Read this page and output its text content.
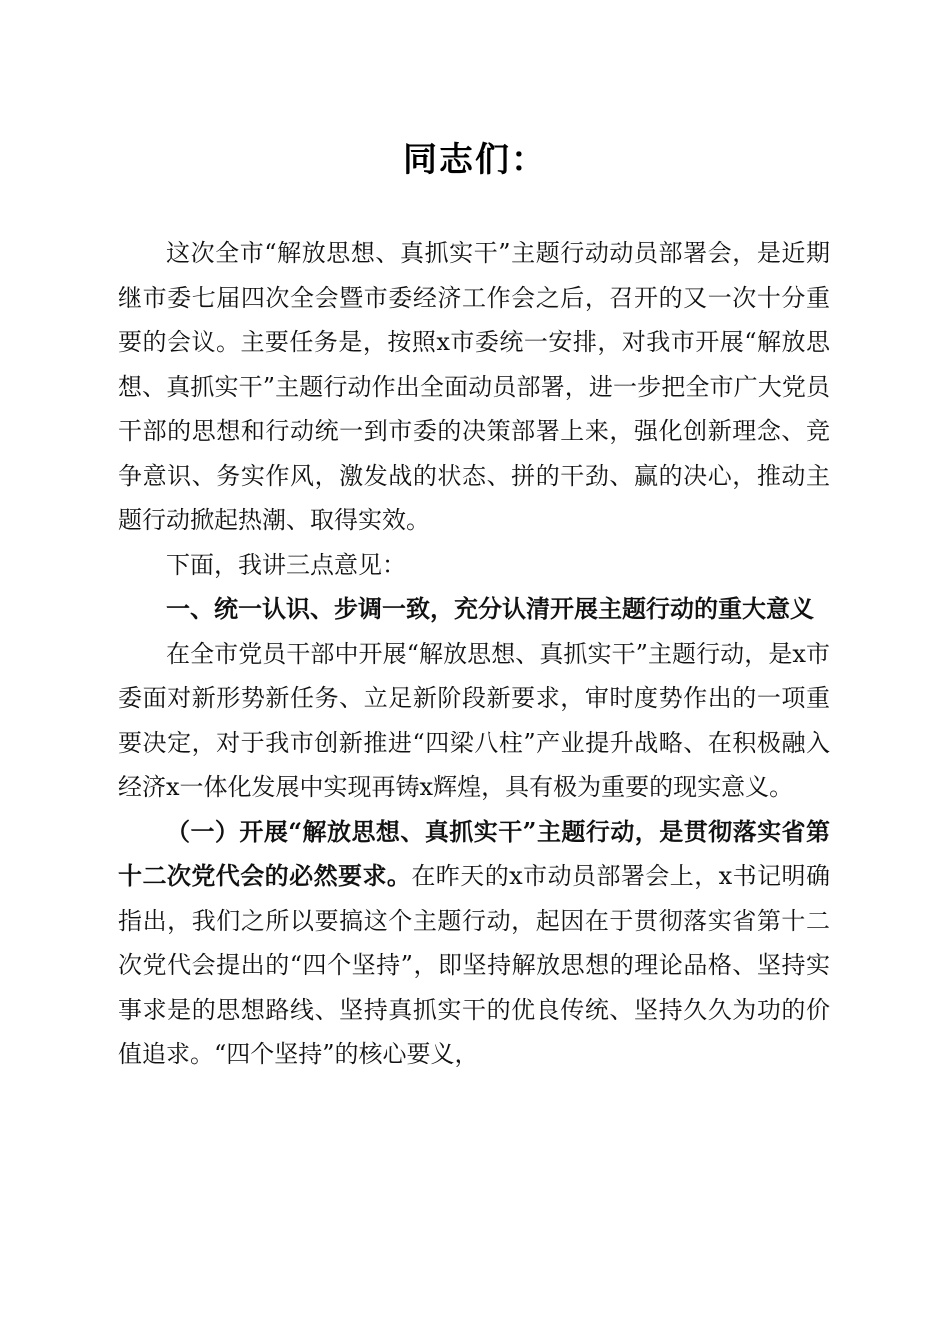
同志们：

这次全市“解放思想、真抓实干”主题行动动员部署会，是近期继市委七届四次全会暨市委经济工作会之后，召开的又一次十分重要的会议。主要任务是，按照x市委统一安排，对我市开展“解放思想、真抓实干”主题行动作出全面动员部署，进一步把全市广大党员干部的思想和行动统一到市委的决策部署上来，强化创新理念、竞争意识、务实作风，激发战的状态、拼的干劲、赢的决心，推动主题行动掀起热潮、取得实效。

下面，我讲三点意见：

一、统一认识、步调一致，充分认清开展主题行动的重大意义

在全市党员干部中开展“解放思想、真抓实干”主题行动，是x市委面对新形势新任务、立足新阶段新要求，审时度势作出的一项重要决定，对于我市创新推进“四梁八柱”产业提升战略、在积极融入经济x一体化发展中实现再铸x辉煌，具有极为重要的现实意义。

（一）开展“解放思想、真抓实干”主题行动，是贯彻落实省第十二次党代会的必然要求。在昨天的x市动员部署会上，x书记明确指出，我们之所以要搞这个主题行动，起因在于贯彻落实省第十二次党代会提出的“四个坚持”，即坚持解放思想的理论品格、坚持实事求是的思想路线、坚持真抓实干的优良传统、坚持久久为功的价值追求。“四个坚持”的核心要义，
